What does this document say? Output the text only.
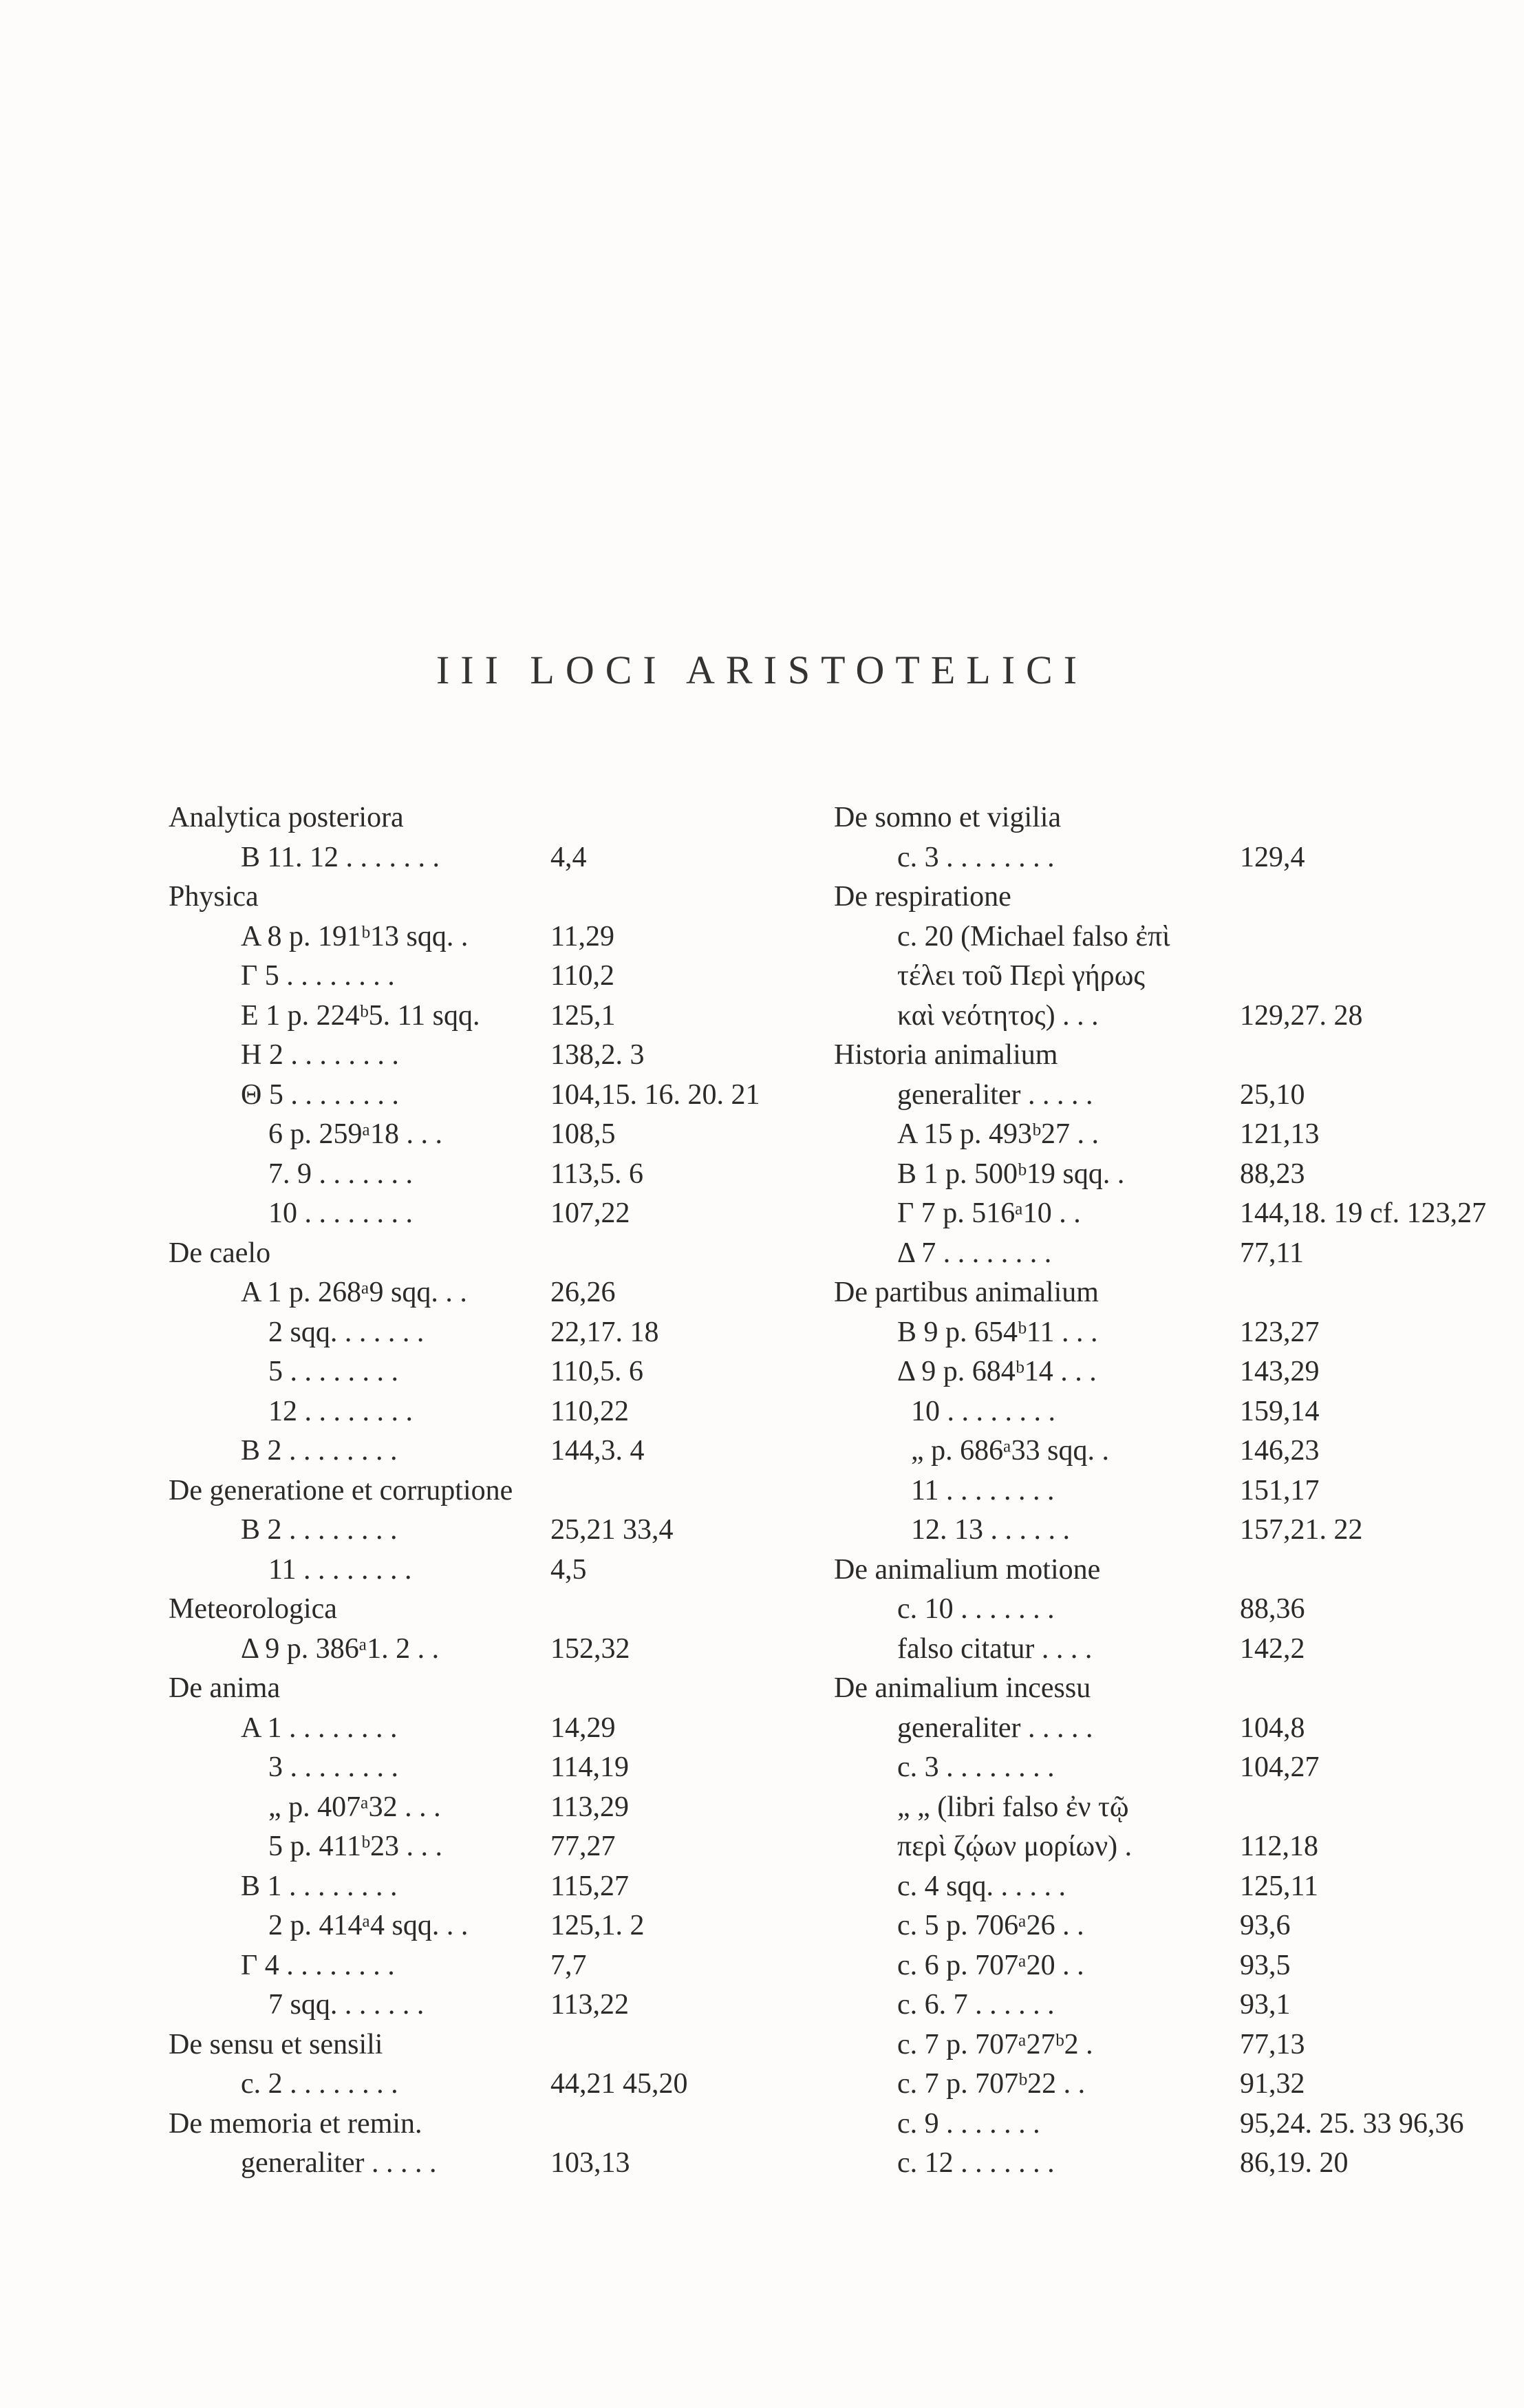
III LOCI ARISTOTELICI
Analytica posteriora
B 11. 12 . . . . . . .	4,4
Physica
A 8 p. 191ᵇ13 sqq. .	11,29
Γ 5 . . . . . . . .	110,2
E 1 p. 224ᵇ5. 11 sqq. 125,1
H 2 . . . . . . . .	138,2. 3
Θ 5 . . . . . . . .	104,15. 16. 20. 21
6 p. 259ᵃ18 . . .	108,5
7. 9 . . . . . . .	113,5. 6
10 . . . . . . . .	107,22
De caelo
A 1 p. 268ᵃ9 sqq. . .	26,26
2 sqq. . . . . . .	22,17. 18
5 . . . . . . . .	110,5. 6
12 . . . . . . . .	110,22
B 2 . . . . . . . .	144,3. 4
De generatione et corruptione
B 2 . . . . . . . .	25,21 33,4
11 . . . . . . . .	4,5
Meteorologica
Δ 9 p. 386ᵃ1. 2 . .	152,32
De anima
A 1 . . . . . . . .	14,29
3 . . . . . . . .	114,19
„ p. 407ᵃ32 . . .	113,29
5 p. 411ᵇ23 . . .	77,27
B 1 . . . . . . . .	115,27
2 p. 414ᵃ4 sqq. . .	125,1. 2
Γ 4 . . . . . . . .	7,7
7 sqq. . . . . . .	113,22
De sensu et sensili
c. 2 . . . . . . . .	44,21 45,20
De memoria et remin.
generaliter . . . . .	103,13
De somno et vigilia
c. 3 . . . . . . . .	129,4
De respiratione
c. 20 (Michael falso ἐπὶ
τέλει τοῦ Περὶ γήρως
καὶ νεότητος) . . .	129,27. 28
Historia animalium
generaliter . . . . .	25,10
A 15 p. 493ᵇ27 . .	121,13
B 1 p. 500ᵇ19 sqq. .	88,23
Γ 7 p. 516ᵃ10 . .	144,18. 19 cf. 123,27
Δ 7 . . . . . . . .	77,11
De partibus animalium
B 9 p. 654ᵇ11 . . .	123,27
Δ 9 p. 684ᵇ14 . . .	143,29
10 . . . . . . . .	159,14
„ p. 686ᵃ33 sqq. .	146,23
11 . . . . . . . .	151,17
12. 13 . . . . . .	157,21. 22
De animalium motione
c. 10 . . . . . . .	88,36
falso citatur . . . .	142,2
De animalium incessu
generaliter . . . . .	104,8
c. 3 . . . . . . . .	104,27
„ „ (libri falso ἐν τῷ
περὶ ζῴων μορίων) .	112,18
c. 4 sqq. . . . . .	125,11
c. 5 p. 706ᵃ26 . .	93,6
c. 6 p. 707ᵃ20 . .	93,5
c. 6. 7 . . . . . .	93,1
c. 7 p. 707ᵃ27ᵇ2 .	77,13
c. 7 p. 707ᵇ22 . .	91,32
c. 9 . . . . . . .	95,24. 25. 33 96,36
c. 12 . . . . . . .	86,19. 20
